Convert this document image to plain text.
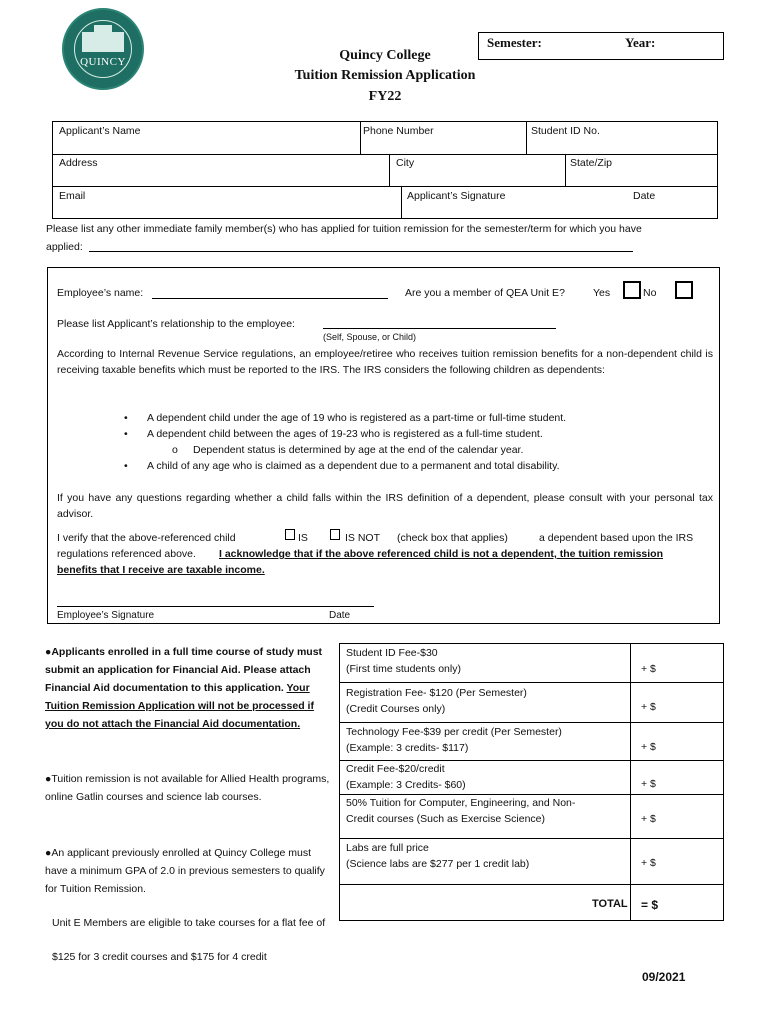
QUINCY
Semester:	Year:
Quincy College
Tuition Remission Application
FY22
Applicant’s Name	Phone Number	Student ID No.
Address	City	State/Zip
Email	Applicant’s Signature	Date
Please list any other immediate family member(s) who has applied for tuition remission for the semester/term for which you have
applied:
Employee’s name:	Are you a member of QEA Unit E?	Yes	No
Please list Applicant’s relationship to the employee:
(Self, Spouse, or Child)
According to Internal Revenue Service regulations, an employee/retiree who receives tuition remission benefits for a non-dependent child is receiving taxable benefits which must be reported to the IRS. The IRS considers the following children as dependents:
• A dependent child under the age of 19 who is registered as a part-time or full-time student.
• A dependent child between the ages of 19-23 who is registered as a full-time student.
o Dependent status is determined by age at the end of the calendar year.
• A child of any age who is claimed as a dependent due to a permanent and total disability.
If you have any questions regarding whether a child falls within the IRS definition of a dependent, please consult with your personal tax advisor.
I verify that the above-referenced child	IS	IS NOT (check box that applies)	a dependent based upon the IRS
regulations referenced above. I acknowledge that if the above referenced child is not a dependent, the tuition remission
benefits that I receive are taxable income.
Employee’s Signature	Date
●Applicants enrolled in a full time course of study must submit an application for Financial Aid. Please attach Financial Aid documentation to this application. Your Tuition Remission Application will not be processed if you do not attach the Financial Aid documentation.
●Tuition remission is not available for Allied Health programs, online Gatlin courses and science lab courses.
●An applicant previously enrolled at Quincy College must have a minimum GPA of 2.0 in previous semesters to qualify for Tuition Remission.
Unit E Members are eligible to take courses for a flat fee of
$125 for 3 credit courses and $175 for 4 credit
Student ID Fee-$30
(First time students only)	+ $
Registration Fee- $120 (Per Semester)
(Credit Courses only)	+ $
Technology Fee-$39 per credit (Per Semester)
(Example: 3 credits- $117)	+ $
Credit Fee-$20/credit
(Example: 3 Credits- $60)	+ $
50% Tuition for Computer, Engineering, and Non-
Credit courses (Such as Exercise Science)	+ $
Labs are full price
(Science labs are $277 per 1 credit lab)	+ $
TOTAL = $
09/2021
